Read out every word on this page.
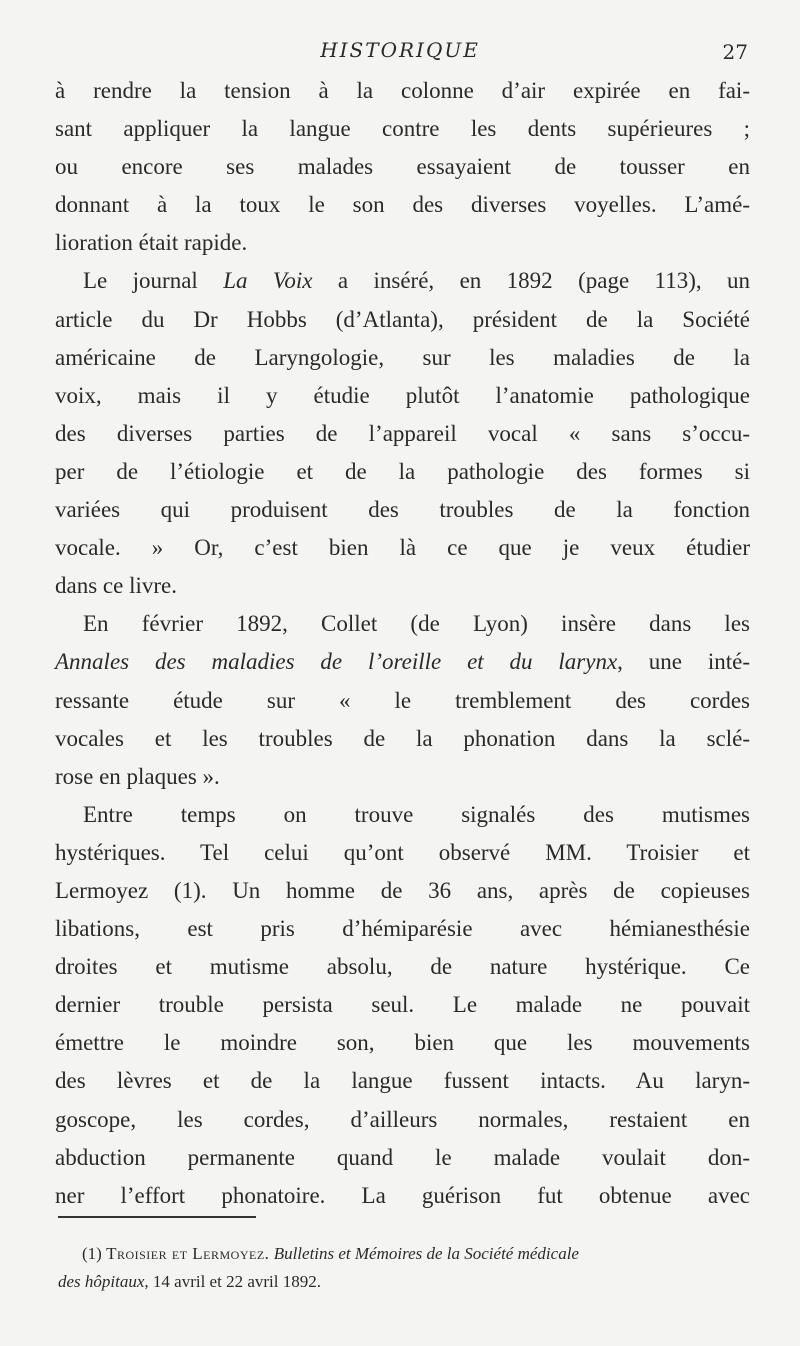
HISTORIQUE	27
à rendre la tension à la colonne d’air expirée en fai-
sant appliquer la langue contre les dents supérieures ;
ou encore ses malades essayaient de tousser en
donnant à la toux le son des diverses voyelles. L’amé-
lioration était rapide.
Le journal La Voix a inséré, en 1892 (page 113), un
article du Dr Hobbs (d’Atlanta), président de la Société
américaine de Laryngologie, sur les maladies de la
voix, mais il y étudie plutôt l’anatomie pathologique
des diverses parties de l’appareil vocal « sans s’occu-
per de l’étiologie et de la pathologie des formes si
variées qui produisent des troubles de la fonction
vocale. » Or, c’est bien là ce que je veux étudier
dans ce livre.
En février 1892, Collet (de Lyon) insère dans les
Annales des maladies de l’oreille et du larynx, une inté-
ressante étude sur « le tremblement des cordes
vocales et les troubles de la phonation dans la sclé-
rose en plaques ».
Entre temps on trouve signalés des mutismes
hystériques. Tel celui qu’ont observé MM. Troisier et
Lermoyez (1). Un homme de 36 ans, après de copieuses
libations, est pris d’hémiparésie avec hémianesthésie
droites et mutisme absolu, de nature hystérique. Ce
dernier trouble persista seul. Le malade ne pouvait
émettre le moindre son, bien que les mouvements
des lèvres et de la langue fussent intacts. Au laryn-
goscope, les cordes, d’ailleurs normales, restaient en
abduction permanente quand le malade voulait don-
ner l’effort phonatoire. La guérison fut obtenue avec
(1) Troisier et Lermoyez. Bulletins et Mémoires de la Société médicale
des hôpitaux, 14 avril et 22 avril 1892.
